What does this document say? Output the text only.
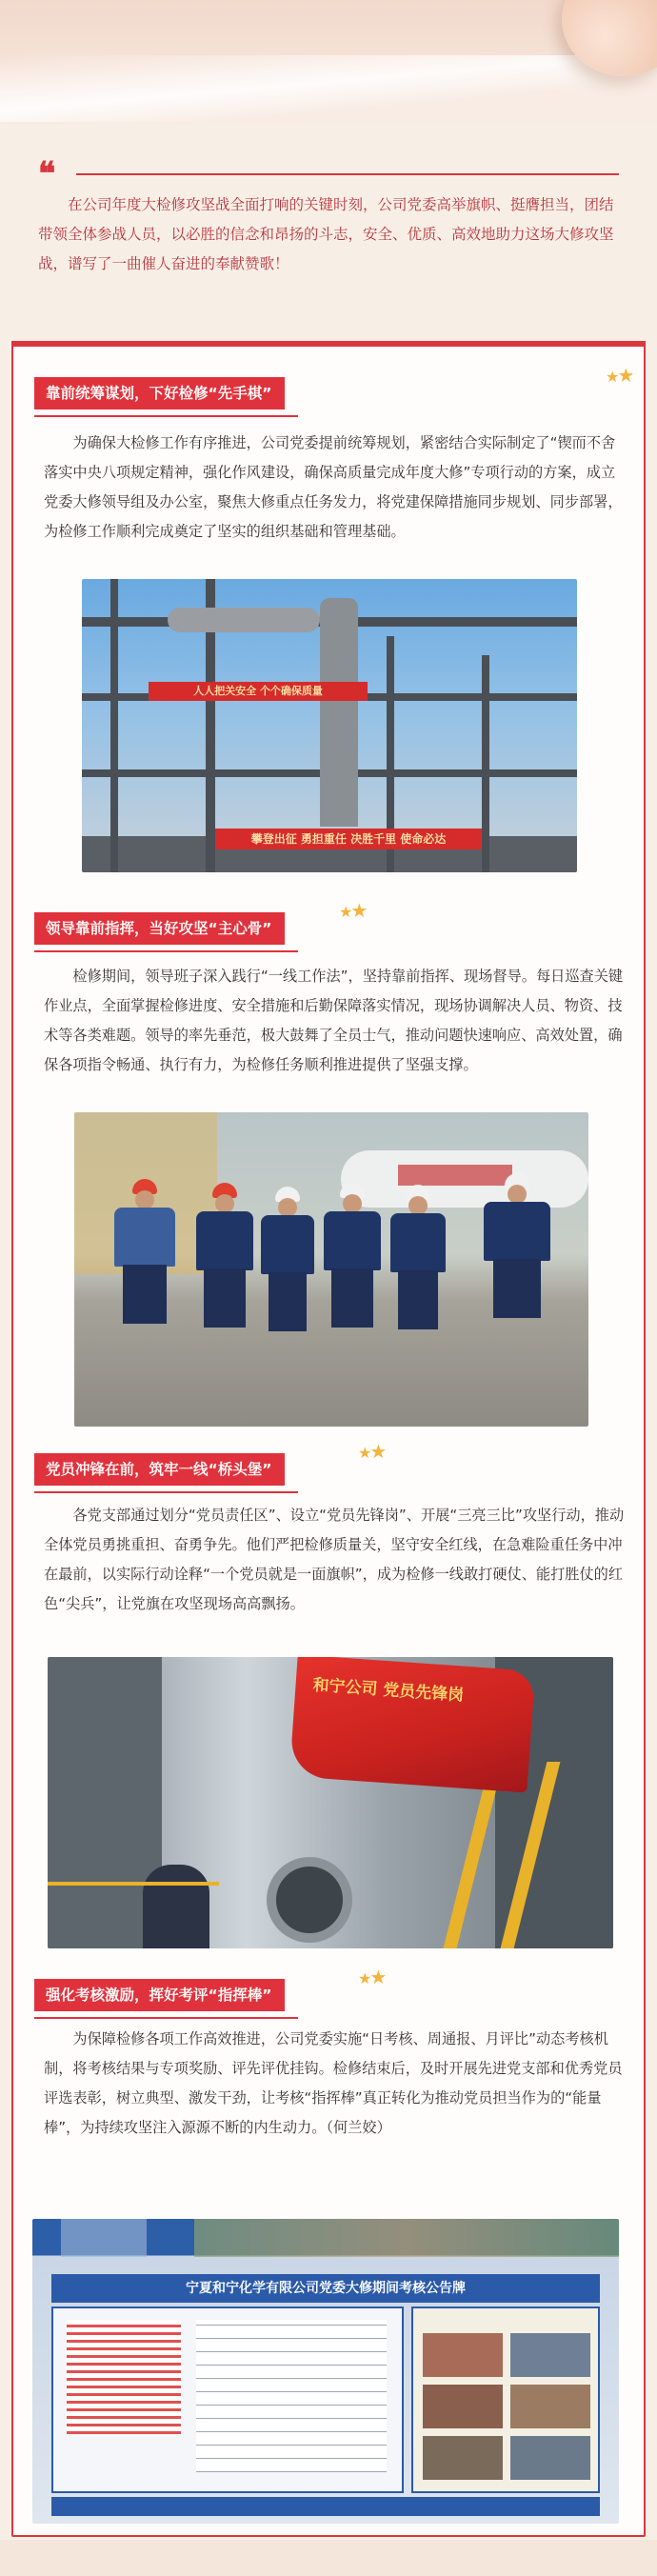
❝

在公司年度大检修攻坚战全面打响的关键时刻，公司党委高举旗帜、挺膺担当，团结带领全体参战人员，以必胜的信念和昂扬的斗志，安全、优质、高效地助力这场大修攻坚战，谱写了一曲催人奋进的奉献赞歌！

靠前统筹谋划，下好检修“先手棋”
★★

为确保大检修工作有序推进，公司党委提前统筹规划，紧密结合实际制定了“锲而不舍落实中央八项规定精神，强化作风建设，确保高质量完成年度大修”专项行动的方案，成立党委大修领导组及办公室，聚焦大修重点任务发力，将党建保障措施同步规划、同步部署，为检修工作顺利完成奠定了坚实的组织基础和管理基础。

人人把关安全 个个确保质量
攀登出征 勇担重任 决胜千里 使命必达
领导靠前指挥，当好攻坚“主心骨”
★★

检修期间，领导班子深入践行“一线工作法”，坚持靠前指挥、现场督导。每日巡查关键作业点，全面掌握检修进度、安全措施和后勤保障落实情况，现场协调解决人员、物资、技术等各类难题。领导的率先垂范，极大鼓舞了全员士气，推动问题快速响应、高效处置，确保各项指令畅通、执行有力，为检修任务顺利推进提供了坚强支撑。

党员冲锋在前，筑牢一线“桥头堡”
★★

各党支部通过划分“党员责任区”、设立“党员先锋岗”、开展“三亮三比”攻坚行动，推动全体党员勇挑重担、奋勇争先。他们严把检修质量关，坚守安全红线，在急难险重任务中冲在最前，以实际行动诠释“一个党员就是一面旗帜”，成为检修一线敢打硬仗、能打胜仗的红色“尖兵”，让党旗在攻坚现场高高飘扬。

和宁公司 党员先锋岗
强化考核激励，挥好考评“指挥棒”
★★

为保障检修各项工作高效推进，公司党委实施“日考核、周通报、月评比”动态考核机制，将考核结果与专项奖励、评先评优挂钩。检修结束后，及时开展先进党支部和优秀党员评选表彰，树立典型、激发干劲，让考核“指挥棒”真正转化为推动党员担当作为的“能量棒”，为持续攻坚注入源源不断的内生动力。（何兰姣）

宁夏和宁化学有限公司党委大修期间考核公告牌
